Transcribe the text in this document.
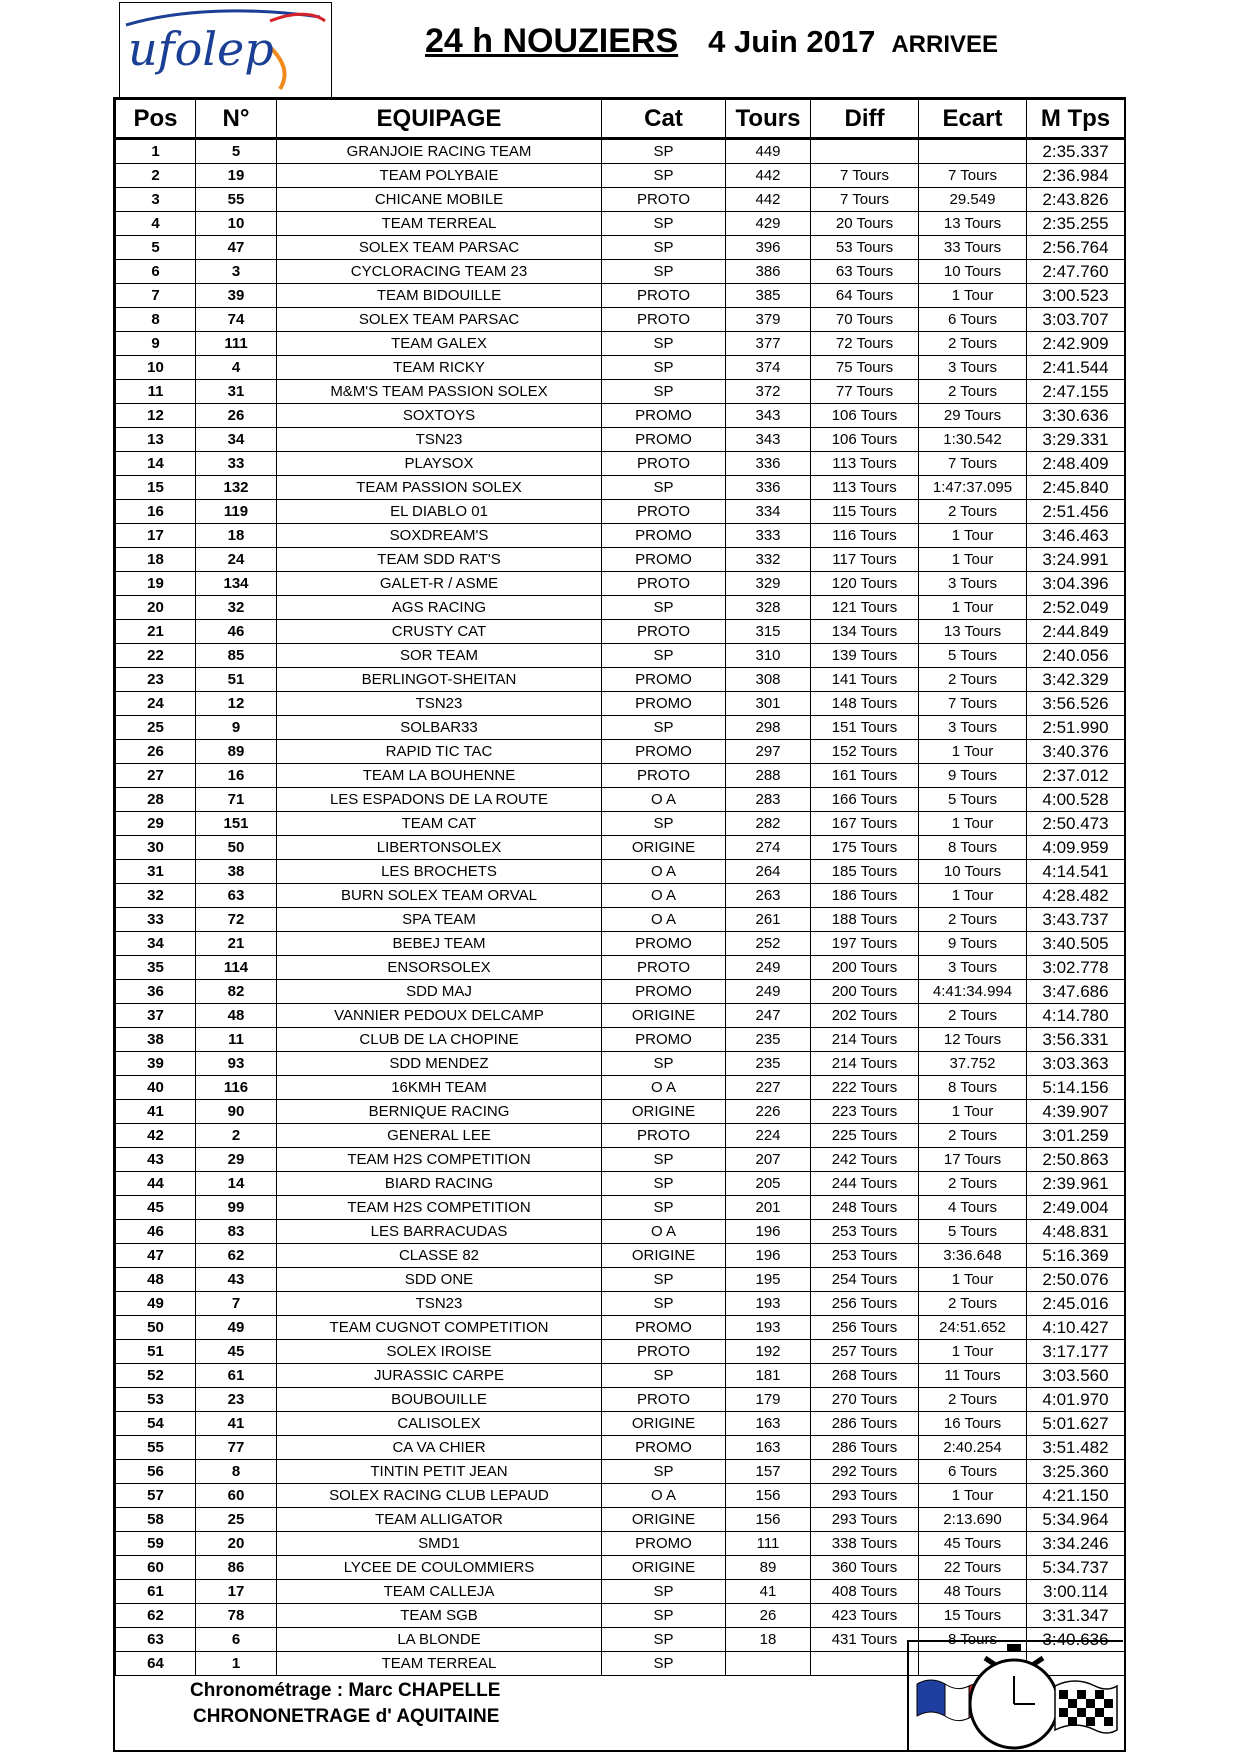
ufolep	24 h NOUZIERS 4 Juin 2017 ARRIVEE
Pos	N°	EQUIPAGE	Cat	Tours	Diff	Ecart	M Tps
1	5	GRANJOIE RACING TEAM	SP	449			2:35.337
2	19	TEAM POLYBAIE	SP	442	7 Tours	7 Tours	2:36.984
3	55	CHICANE MOBILE	PROTO	442	7 Tours	29.549	2:43.826
4	10	TEAM TERREAL	SP	429	20 Tours	13 Tours	2:35.255
5	47	SOLEX TEAM PARSAC	SP	396	53 Tours	33 Tours	2:56.764
6	3	CYCLORACING TEAM 23	SP	386	63 Tours	10 Tours	2:47.760
7	39	TEAM BIDOUILLE	PROTO	385	64 Tours	1 Tour	3:00.523
8	74	SOLEX TEAM PARSAC	PROTO	379	70 Tours	6 Tours	3:03.707
9	111	TEAM GALEX	SP	377	72 Tours	2 Tours	2:42.909
10	4	TEAM RICKY	SP	374	75 Tours	3 Tours	2:41.544
11	31	M&M'S TEAM PASSION SOLEX	SP	372	77 Tours	2 Tours	2:47.155
12	26	SOXTOYS	PROMO	343	106 Tours	29 Tours	3:30.636
13	34	TSN23	PROMO	343	106 Tours	1:30.542	3:29.331
14	33	PLAYSOX	PROTO	336	113 Tours	7 Tours	2:48.409
15	132	TEAM PASSION SOLEX	SP	336	113 Tours	1:47:37.095	2:45.840
16	119	EL DIABLO 01	PROTO	334	115 Tours	2 Tours	2:51.456
17	18	SOXDREAM'S	PROMO	333	116 Tours	1 Tour	3:46.463
18	24	TEAM SDD RAT'S	PROMO	332	117 Tours	1 Tour	3:24.991
19	134	GALET-R / ASME	PROTO	329	120 Tours	3 Tours	3:04.396
20	32	AGS RACING	SP	328	121 Tours	1 Tour	2:52.049
21	46	CRUSTY CAT	PROTO	315	134 Tours	13 Tours	2:44.849
22	85	SOR TEAM	SP	310	139 Tours	5 Tours	2:40.056
23	51	BERLINGOT-SHEITAN	PROMO	308	141 Tours	2 Tours	3:42.329
24	12	TSN23	PROMO	301	148 Tours	7 Tours	3:56.526
25	9	SOLBAR33	SP	298	151 Tours	3 Tours	2:51.990
26	89	RAPID TIC TAC	PROMO	297	152 Tours	1 Tour	3:40.376
27	16	TEAM LA BOUHENNE	PROTO	288	161 Tours	9 Tours	2:37.012
28	71	LES ESPADONS DE LA ROUTE	O A	283	166 Tours	5 Tours	4:00.528
29	151	TEAM CAT	SP	282	167 Tours	1 Tour	2:50.473
30	50	LIBERTONSOLEX	ORIGINE	274	175 Tours	8 Tours	4:09.959
31	38	LES BROCHETS	O A	264	185 Tours	10 Tours	4:14.541
32	63	BURN SOLEX TEAM ORVAL	O A	263	186 Tours	1 Tour	4:28.482
33	72	SPA TEAM	O A	261	188 Tours	2 Tours	3:43.737
34	21	BEBEJ TEAM	PROMO	252	197 Tours	9 Tours	3:40.505
35	114	ENSORSOLEX	PROTO	249	200 Tours	3 Tours	3:02.778
36	82	SDD MAJ	PROMO	249	200 Tours	4:41:34.994	3:47.686
37	48	VANNIER PEDOUX DELCAMP	ORIGINE	247	202 Tours	2 Tours	4:14.780
38	11	CLUB DE LA CHOPINE	PROMO	235	214 Tours	12 Tours	3:56.331
39	93	SDD MENDEZ	SP	235	214 Tours	37.752	3:03.363
40	116	16KMH TEAM	O A	227	222 Tours	8 Tours	5:14.156
41	90	BERNIQUE RACING	ORIGINE	226	223 Tours	1 Tour	4:39.907
42	2	GENERAL LEE	PROTO	224	225 Tours	2 Tours	3:01.259
43	29	TEAM H2S COMPETITION	SP	207	242 Tours	17 Tours	2:50.863
44	14	BIARD RACING	SP	205	244 Tours	2 Tours	2:39.961
45	99	TEAM H2S COMPETITION	SP	201	248 Tours	4 Tours	2:49.004
46	83	LES BARRACUDAS	O A	196	253 Tours	5 Tours	4:48.831
47	62	CLASSE 82	ORIGINE	196	253 Tours	3:36.648	5:16.369
48	43	SDD ONE	SP	195	254 Tours	1 Tour	2:50.076
49	7	TSN23	SP	193	256 Tours	2 Tours	2:45.016
50	49	TEAM CUGNOT COMPETITION	PROMO	193	256 Tours	24:51.652	4:10.427
51	45	SOLEX IROISE	PROTO	192	257 Tours	1 Tour	3:17.177
52	61	JURASSIC CARPE	SP	181	268 Tours	11 Tours	3:03.560
53	23	BOUBOUILLE	PROTO	179	270 Tours	2 Tours	4:01.970
54	41	CALISOLEX	ORIGINE	163	286 Tours	16 Tours	5:01.627
55	77	CA VA CHIER	PROMO	163	286 Tours	2:40.254	3:51.482
56	8	TINTIN PETIT JEAN	SP	157	292 Tours	6 Tours	3:25.360
57	60	SOLEX RACING CLUB LEPAUD	O A	156	293 Tours	1 Tour	4:21.150
58	25	TEAM ALLIGATOR	ORIGINE	156	293 Tours	2:13.690	5:34.964
59	20	SMD1	PROMO	111	338 Tours	45 Tours	3:34.246
60	86	LYCEE DE COULOMMIERS	ORIGINE	89	360 Tours	22 Tours	5:34.737
61	17	TEAM CALLEJA	SP	41	408 Tours	48 Tours	3:00.114
62	78	TEAM SGB	SP	26	423 Tours	15 Tours	3:31.347
63	6	LA BLONDE	SP	18	431 Tours	8 Tours	3:40.636
64	1	TEAM TERREAL	SP				
Chronométrage : Marc CHAPELLE
CHRONONETRAGE d' AQUITAINE
